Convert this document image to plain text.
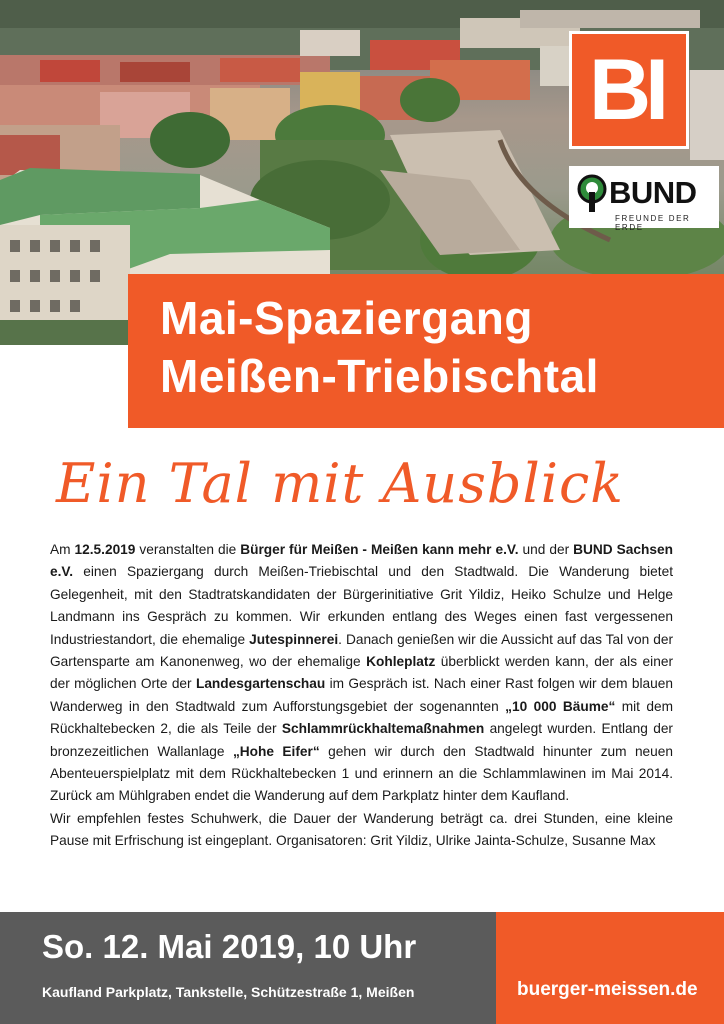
BI
BUND
FREUNDE DER ERDE
Mai-Spaziergang
Meißen-Triebischtal
Ein Tal mit Ausblick

Am 12.5.2019 veranstalten die Bürger für Meißen - Meißen kann mehr e.V. und der BUND Sachsen e.V. einen Spaziergang durch Meißen-Triebischtal und den Stadtwald. Die Wanderung bietet Gelegenheit, mit den Stadtratskandidaten der Bürgerinitiative Grit Yildiz, Heiko Schulze und Helge Landmann ins Gespräch zu kommen. Wir erkunden entlang des Weges einen fast vergessenen Industriestandort, die ehemalige Jutespinnerei. Danach genießen wir die Aussicht auf das Tal von der Gartensparte am Kanonenweg, wo der ehemalige Kohleplatz überblickt werden kann, der als einer der möglichen Orte der Landesgartenschau im Gespräch ist. Nach einer Rast folgen wir dem blauen Wanderweg in den Stadtwald zum Aufforstungsgebiet der sogenannten „10 000 Bäume“ mit dem Rückhaltebecken 2, die als Teile der Schlammrückhaltemaßnahmen angelegt wurden. Entlang der bronzezeitlichen Wallanlage „Hohe Eifer“ gehen wir durch den Stadtwald hinunter zum neuen Abenteuerspielplatz mit dem Rückhaltebecken 1 und erinnern an die Schlammlawinen im Mai 2014. Zurück am Mühlgraben endet die Wanderung auf dem Parkplatz hinter dem Kaufland.

Wir empfehlen festes Schuhwerk, die Dauer der Wanderung beträgt ca. drei Stunden, eine kleine Pause mit Erfrischung ist eingeplant. Organisatoren: Grit Yildiz, Ulrike Jainta-Schulze, Susanne Max

So. 12. Mai 2019, 10 Uhr
Kaufland Parkplatz, Tankstelle, Schützestraße 1, Meißen	buerger-meissen.de
